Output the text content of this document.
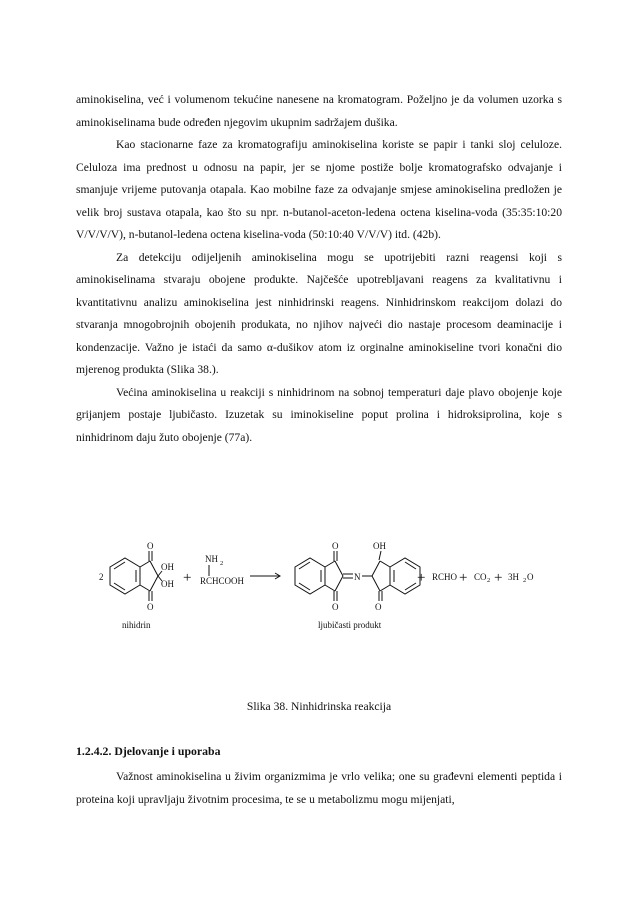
aminokiselina, već i volumenom tekućine nanesene na kromatogram. Poželjno je da volumen uzorka s aminokiselinama bude određen njegovim ukupnim sadržajem dušika.

Kao stacionarne faze za kromatografiju aminokiselina koriste se papir i tanki sloj celuloze. Celuloza ima prednost u odnosu na papir, jer se njome postiže bolje kromatografsko odvajanje i smanjuje vrijeme putovanja otapala. Kao mobilne faze za odvajanje smjese aminokiselina predložen je velik broj sustava otapala, kao što su npr. n-butanol-aceton-ledena octena kiselina-voda (35:35:10:20 V/V/V/V), n-butanol-ledena octena kiselina-voda (50:10:40 V/V/V) itd. (42b).

Za detekciju odijeljenih aminokiselina mogu se upotrijebiti razni reagensi koji s aminokiselinama stvaraju obojene produkte. Najčešće upotrebljavani reagens za kvalitativnu i kvantitativnu analizu aminokiselina jest ninhidrinski reagens. Ninhidrinskom reakcijom dolazi do stvaranja mnogobrojnih obojenih produkata, no njihov najveći dio nastaje procesom deaminacije i kondenzacije. Važno je istaći da samo α-dušikov atom iz orginalne aminokiseline tvori konačni dio mjerenog produkta (Slika 38.).

Većina aminokiselina u reakciji s ninhidrinom na sobnoj temperaturi daje plavo obojenje koje grijanjem postaje ljubičasto. Izuzetak su iminokiseline poput prolina i hidroksiprolina, koje s ninhidrinom daju žuto obojenje (77a).

2
O
O
OH
OH
NH 2
RCHCOOH
O
O
N
OH
O
RCHO CO 2 3H 2 O
nihidrin	ljubičasti produkt
+	+ + +
Slika 38. Ninhidrinska reakcija
1.2.4.2. Djelovanje i uporaba

Važnost aminokiselina u živim organizmima je vrlo velika; one su građevni elementi peptida i proteina koji upravljaju životnim procesima, te se u metabolizmu mogu mijenjati,
